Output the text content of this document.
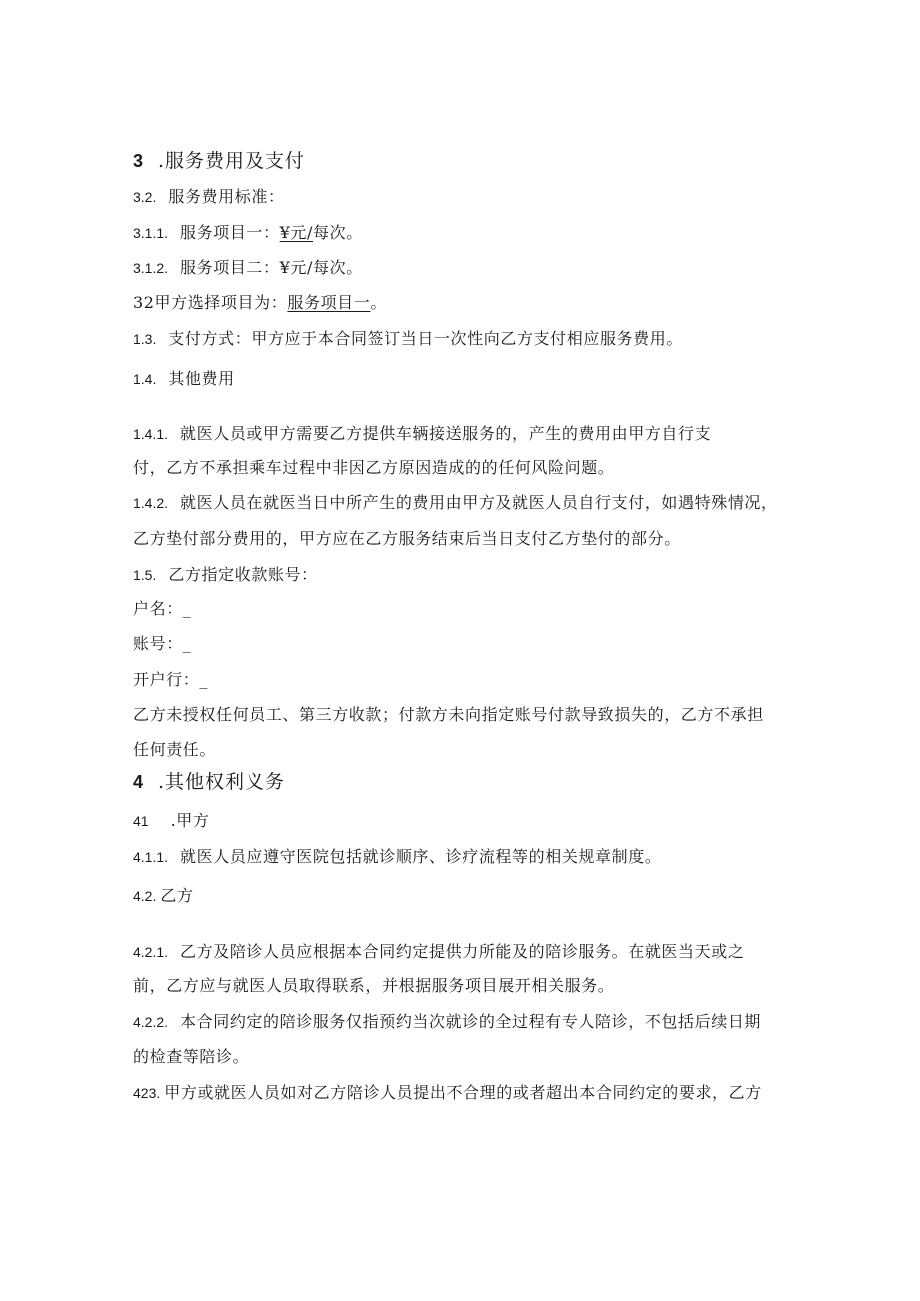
3 .服务费用及支付
3.2. 服务费用标准：
3.1.1. 服务项目一：¥元/每次。
3.1.2. 服务项目二：¥元/每次。
32甲方选择项目为：服务项目一。
1.3. 支付方式：甲方应于本合同签订当日一次性向乙方支付相应服务费用。
1.4. 其他费用
1.4.1. 就医人员或甲方需要乙方提供车辆接送服务的，产生的费用由甲方自行支
付，乙方不承担乘车过程中非因乙方原因造成的的任何风险问题。
1.4.2. 就医人员在就医当日中所产生的费用由甲方及就医人员自行支付，如遇特殊情况，
乙方垫付部分费用的，甲方应在乙方服务结束后当日支付乙方垫付的部分。
1.5. 乙方指定收款账号：
户名：_
账号：_
开户行：_
乙方未授权任何员工、第三方收款；付款方未向指定账号付款导致损失的，乙方不承担
任何责任。
4 .其他权利义务
41 .甲方
4.1.1. 就医人员应遵守医院包括就诊顺序、诊疗流程等的相关规章制度。
4.2. 乙方
4.2.1. 乙方及陪诊人员应根据本合同约定提供力所能及的陪诊服务。在就医当天或之
前，乙方应与就医人员取得联系，并根据服务项目展开相关服务。
4.2.2. 本合同约定的陪诊服务仅指预约当次就诊的全过程有专人陪诊，不包括后续日期
的检查等陪诊。
423. 甲方或就医人员如对乙方陪诊人员提出不合理的或者超出本合同约定的要求，乙方
